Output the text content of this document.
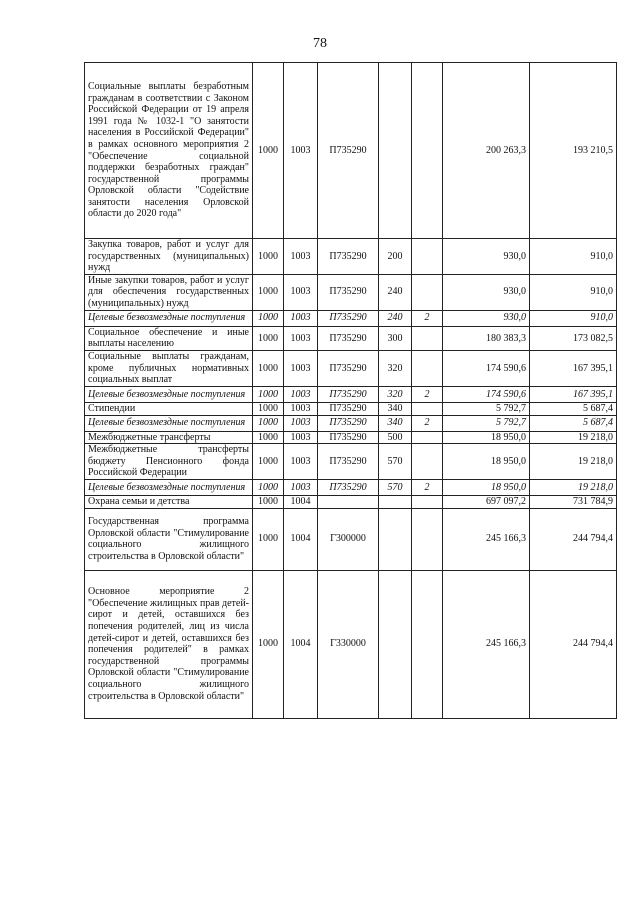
78
Социальные выплаты безработным гражданам в соответствии с Законом Российской Федерации от 19 апреля 1991 года № 1032-1 "О занятости населения в Российской Федерации" в рамках основного мероприятия 2 "Обеспечение социальной поддержки безработных граждан" государственной программы Орловской области "Содействие занятости населения Орловской области до 2020 года"	1000	1003	П735290			200 263,3	193 210,5
Закупка товаров, работ и услуг для государственных (муниципальных) нужд	1000	1003	П735290	200		930,0	910,0
Иные закупки товаров, работ и услуг для обеспечения государственных (муниципальных) нужд	1000	1003	П735290	240		930,0	910,0
Целевые безвозмездные поступления	1000	1003	П735290	240	2	930,0	910,0
Социальное обеспечение и иные выплаты населению	1000	1003	П735290	300		180 383,3	173 082,5
Социальные выплаты гражданам, кроме публичных нормативных социальных выплат	1000	1003	П735290	320		174 590,6	167 395,1
Целевые безвозмездные поступления	1000	1003	П735290	320	2	174 590,6	167 395,1
Стипендии	1000	1003	П735290	340		5 792,7	5 687,4
Целевые безвозмездные поступления	1000	1003	П735290	340	2	5 792,7	5 687,4
Межбюджетные трансферты	1000	1003	П735290	500		18 950,0	19 218,0
Межбюджетные трансферты бюджету Пенсионного фонда Российской Федерации	1000	1003	П735290	570		18 950,0	19 218,0
Целевые безвозмездные поступления	1000	1003	П735290	570	2	18 950,0	19 218,0
Охрана семьи и детства	1000	1004				697 097,2	731 784,9
Государственная программа Орловской области "Стимулирование социального жилищного строительства в Орловской области"	1000	1004	Г300000			245 166,3	244 794,4
Основное мероприятие 2 "Обеспечение жилищных прав детей-сирот и детей, оставшихся без попечения родителей, лиц из числа детей-сирот и детей, оставшихся без попечения родителей" в рамках государственной программы Орловской области "Стимулирование социального жилищного строительства в Орловской области"	1000	1004	Г330000			245 166,3	244 794,4
